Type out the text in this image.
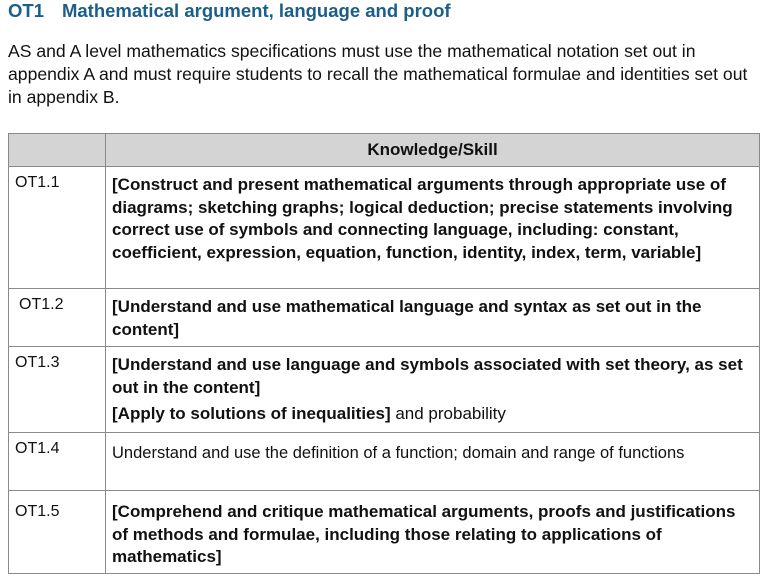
OT1 Mathematical argument, language and proof
AS and A level mathematics specifications must use the mathematical notation set out in appendix A and must require students to recall the mathematical formulae and identities set out in appendix B.
	Knowledge/Skill
OT1.1	[Construct and present mathematical arguments through appropriate use of diagrams; sketching graphs; logical deduction; precise statements involving correct use of symbols and connecting language, including: constant, coefficient, expression, equation, function, identity, index, term, variable]
OT1.2	[Understand and use mathematical language and syntax as set out in the content]
OT1.3	[Understand and use language and symbols associated with set theory, as set out in the content]
[Apply to solutions of inequalities] and probability

OT1.4	Understand and use the definition of a function; domain and range of functions
OT1.5	[Comprehend and critique mathematical arguments, proofs and justifications of methods and formulae, including those relating to applications of mathematics]
